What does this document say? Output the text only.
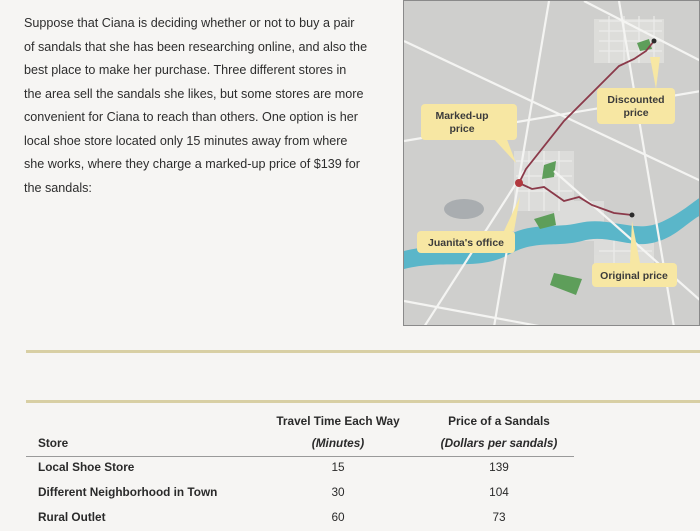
Suppose that Ciana is deciding whether or not to buy a pair
of sandals that she has been researching online, and also the
best place to make her purchase. Three different stores in
the area sell the sandals she likes, but some stores are more
convenient for Ciana to reach than others. One option is her
local shoe store located only 15 minutes away from where
she works, where they charge a marked-up price of $139 for
the sandals:
Marked-up
price
Discounted
price
Juanita's office
Original price
Store
Travel Time Each Way
(Minutes)
Price of a Sandals
(Dollars per sandals)
Local Shoe Store	15	139
Different Neighborhood in Town	30	104
Rural Outlet	60	73
